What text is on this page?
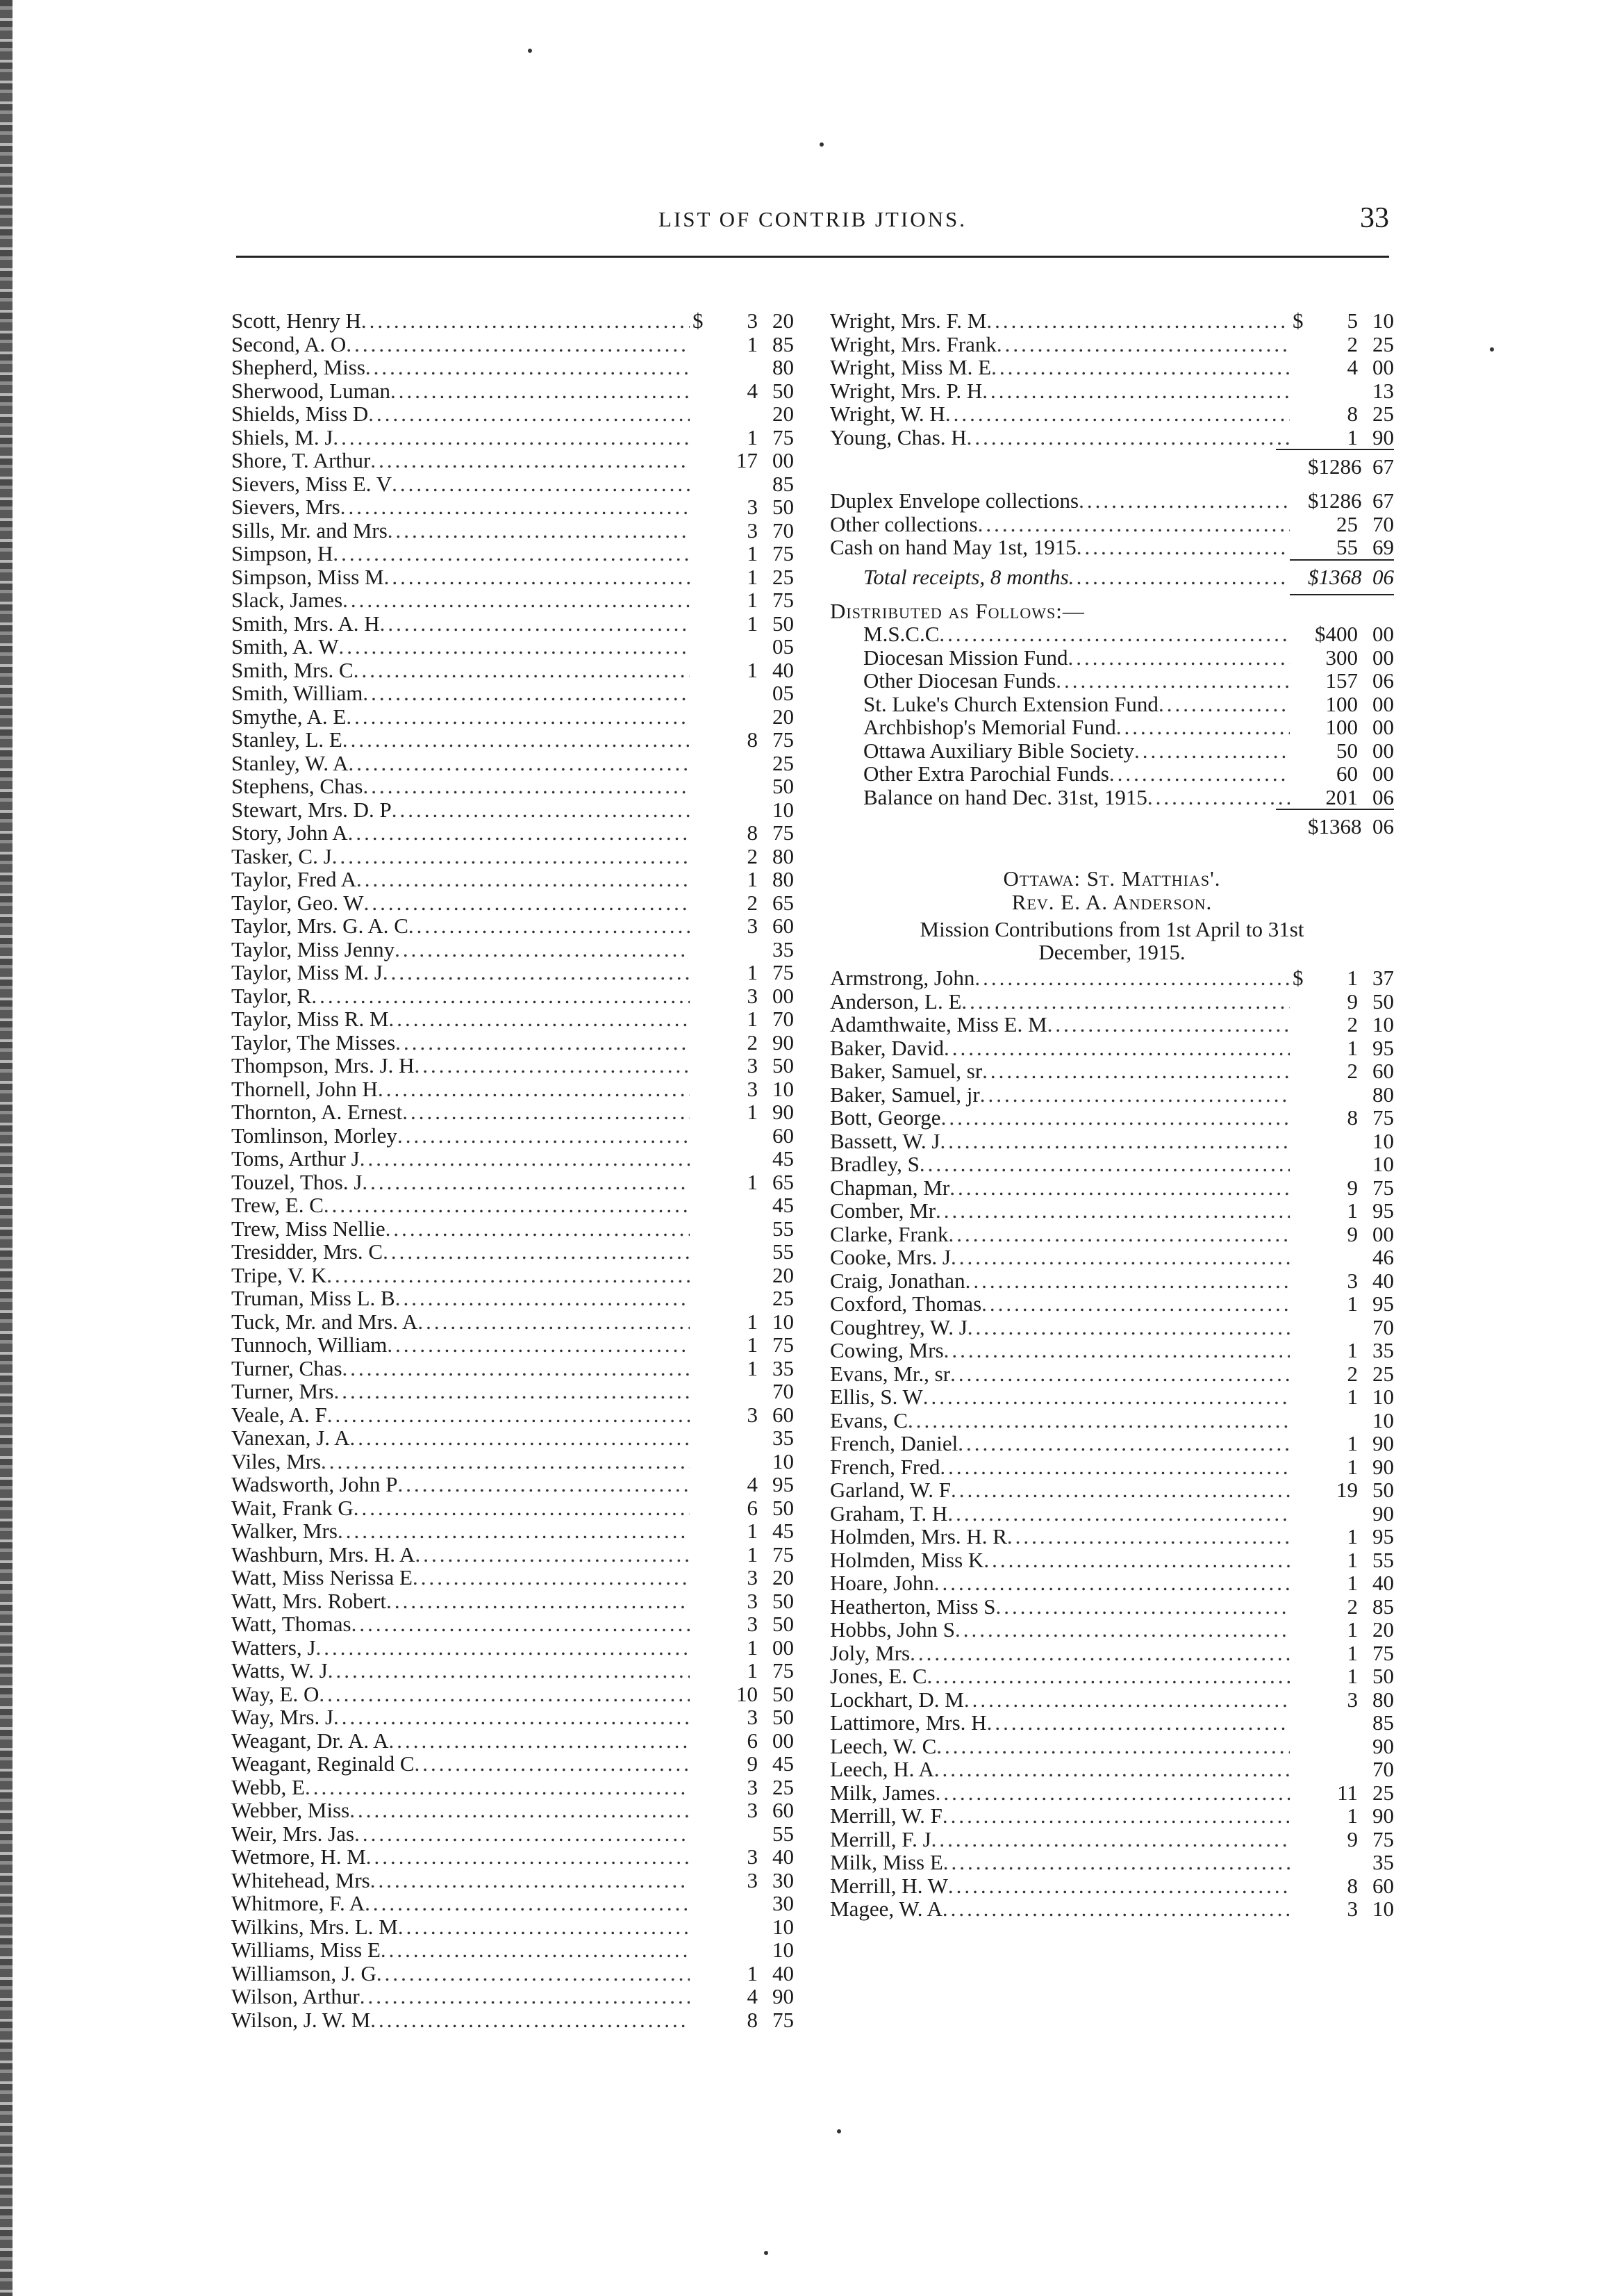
LIST OF CONTRIB JTIONS.	33
Scott, Henry H .....	$ 3 20
Second, A. O .....	1 85
Shepherd, Miss .....	80
Sherwood, Luman .....	4 50
Shields, Miss D .....	20
Shiels, M. J .....	1 75
Shore, T. Arthur .....	17 00
Sievers, Miss E. V .....	85
Sievers, Mrs .....	3 50
Sills, Mr. and Mrs .....	3 70
Simpson, H .....	1 75
Simpson, Miss M .....	1 25
Slack, James .....	1 75
Smith, Mrs. A. H .....	1 50
Smith, A. W .....	05
Smith, Mrs. C .....	1 40
Smith, William .....	05
Smythe, A. E .....	20
Stanley, L. E .....	8 75
Stanley, W. A .....	25
Stephens, Chas .....	50
Stewart, Mrs. D. P .....	10
Story, John A .....	8 75
Tasker, C. J .....	2 80
Taylor, Fred A .....	1 80
Taylor, Geo. W .....	2 65
Taylor, Mrs. G. A. C .....	3 60
Taylor, Miss Jenny .....	35
Taylor, Miss M. J .....	1 75
Taylor, R .....	3 00
Taylor, Miss R. M .....	1 70
Taylor, The Misses .....	2 90
Thompson, Mrs. J. H .....	3 50
Thornell, John H .....	3 10
Thornton, A. Ernest .....	1 90
Tomlinson, Morley .....	60
Toms, Arthur J .....	45
Touzel, Thos. J .....	1 65
Trew, E. C .....	45
Trew, Miss Nellie .....	55
Tresidder, Mrs. C .....	55
Tripe, V. K .....	20
Truman, Miss L. B .....	25
Tuck, Mr. and Mrs. A .....	1 10
Tunnoch, William .....	1 75
Turner, Chas .....	1 35
Turner, Mrs .....	70
Veale, A. F .....	3 60
Vanexan, J. A .....	35
Viles, Mrs .....	10
Wadsworth, John P .....	4 95
Wait, Frank G .....	6 50
Walker, Mrs .....	1 45
Washburn, Mrs. H. A .....	1 75
Watt, Miss Nerissa E .....	3 20
Watt, Mrs. Robert .....	3 50
Watt, Thomas .....	3 50
Watters, J .....	1 00
Watts, W. J .....	1 75
Way, E. O .....	10 50
Way, Mrs. J .....	3 50
Weagant, Dr. A. A .....	6 00
Weagant, Reginald C .....	9 45
Webb, E .....	3 25
Webber, Miss .....	3 60
Weir, Mrs. Jas .....	55
Wetmore, H. M .....	3 40
Whitehead, Mrs .....	3 30
Whitmore, F. A .....	30
Wilkins, Mrs. L. M .....	10
Williams, Miss E .....	10
Williamson, J. G .....	1 40
Wilson, Arthur .....	4 90
Wilson, J. W. M .....	8 75
Wright, Mrs. F. M .....	$ 5 10
Wright, Mrs. Frank .....	2 25
Wright, Miss M. E .....	4 00
Wright, Mrs. P. H .....	13
Wright, W. H .....	8 25
Young, Chas. H .....	1 90
$1286 67
Duplex Envelope collections .....	$1286 67
Other collections .....	25 70
Cash on hand May 1st, 1915 .....	55 69
Total receipts, 8 months .....	$1368 06
Distributed as Follows:—
M.S.C.C .....	$400 00
Diocesan Mission Fund .....	300 00
Other Diocesan Funds .....	157 06
St. Luke's Church Extension Fund .....	100 00
Archbishop's Memorial Fund .....	100 00
Ottawa Auxiliary Bible Society .....	50 00
Other Extra Parochial Funds .....	60 00
Balance on hand Dec. 31st, 1915 .....	201 06
$1368 06
Ottawa: St. Matthias'.
Rev. E. A. Anderson.
Mission Contributions from 1st April to 31st
December, 1915.
Armstrong, John .....	$ 1 37
Anderson, L. E .....	9 50
Adamthwaite, Miss E. M .....	2 10
Baker, David .....	1 95
Baker, Samuel, sr .....	2 60
Baker, Samuel, jr .....	80
Bott, George .....	8 75
Bassett, W. J .....	10
Bradley, S .....	10
Chapman, Mr .....	9 75
Comber, Mr .....	1 95
Clarke, Frank .....	9 00
Cooke, Mrs. J .....	46
Craig, Jonathan .....	3 40
Coxford, Thomas .....	1 95
Coughtrey, W. J .....	70
Cowing, Mrs .....	1 35
Evans, Mr., sr .....	2 25
Ellis, S. W .....	1 10
Evans, C .....	10
French, Daniel .....	1 90
French, Fred .....	1 90
Garland, W. F .....	19 50
Graham, T. H .....	90
Holmden, Mrs. H. R .....	1 95
Holmden, Miss K .....	1 55
Hoare, John .....	1 40
Heatherton, Miss S .....	2 85
Hobbs, John S .....	1 20
Joly, Mrs .....	1 75
Jones, E. C .....	1 50
Lockhart, D. M .....	3 80
Lattimore, Mrs. H .....	85
Leech, W. C .....	90
Leech, H. A .....	70
Milk, James .....	11 25
Merrill, W. F .....	1 90
Merrill, F. J .....	9 75
Milk, Miss E .....	35
Merrill, H. W .....	8 60
Magee, W. A .....	3 10
